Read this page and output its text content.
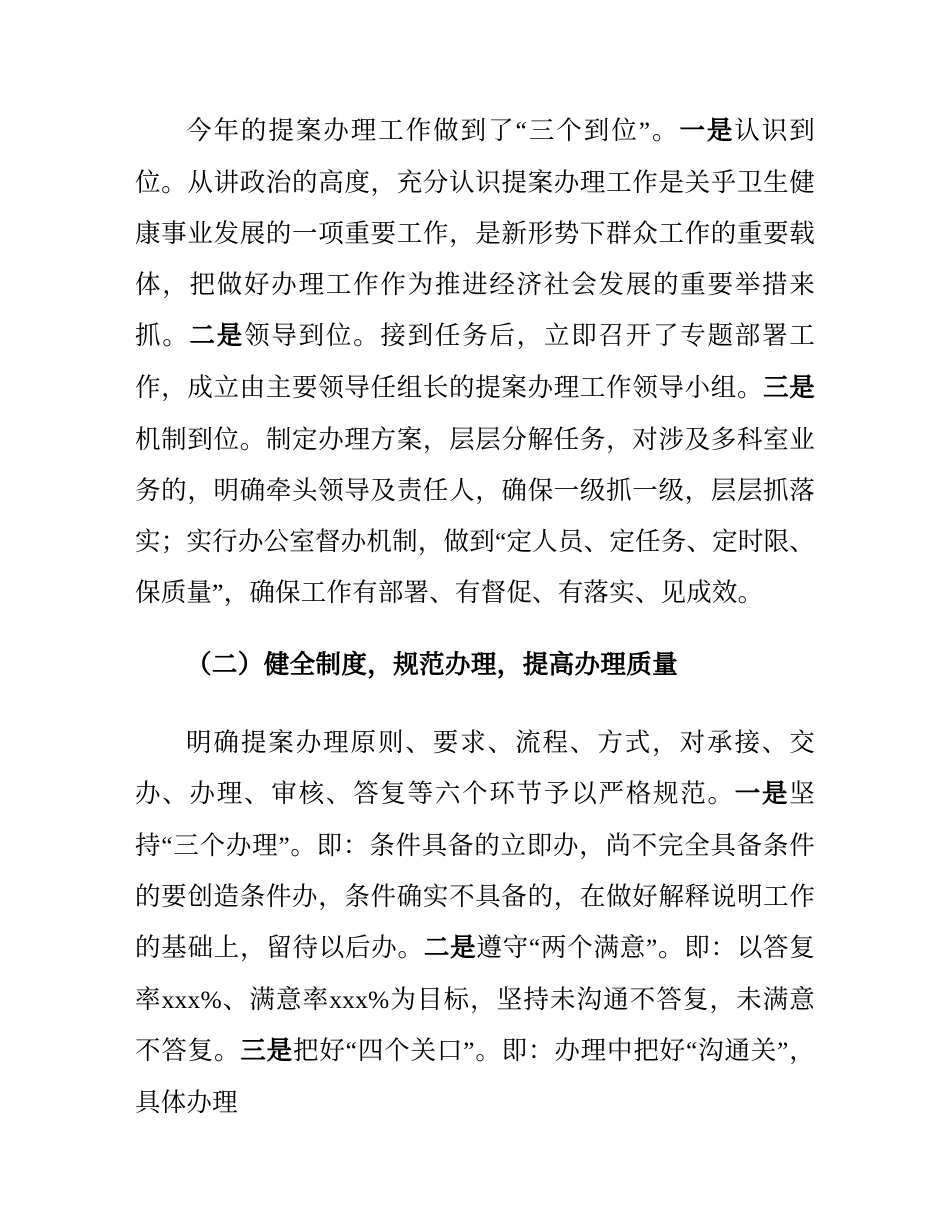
今年的提案办理工作做到了“三个到位”。一是认识到位。从讲政治的高度，充分认识提案办理工作是关乎卫生健康事业发展的一项重要工作，是新形势下群众工作的重要载体，把做好办理工作作为推进经济社会发展的重要举措来抓。二是领导到位。接到任务后，立即召开了专题部署工作，成立由主要领导任组长的提案办理工作领导小组。三是机制到位。制定办理方案，层层分解任务，对涉及多科室业务的，明确牵头领导及责任人，确保一级抓一级，层层抓落实；实行办公室督办机制，做到“定人员、定任务、定时限、保质量”，确保工作有部署、有督促、有落实、见成效。

（二）健全制度，规范办理，提高办理质量

明确提案办理原则、要求、流程、方式，对承接、交办、办理、审核、答复等六个环节予以严格规范。一是坚持“三个办理”。即：条件具备的立即办，尚不完全具备条件的要创造条件办，条件确实不具备的，在做好解释说明工作的基础上，留待以后办。二是遵守“两个满意”。即：以答复率xxx%、满意率xxx%为目标，坚持未沟通不答复，未满意不答复。三是把好“四个关口”。即：办理中把好“沟通关”，具体办理
